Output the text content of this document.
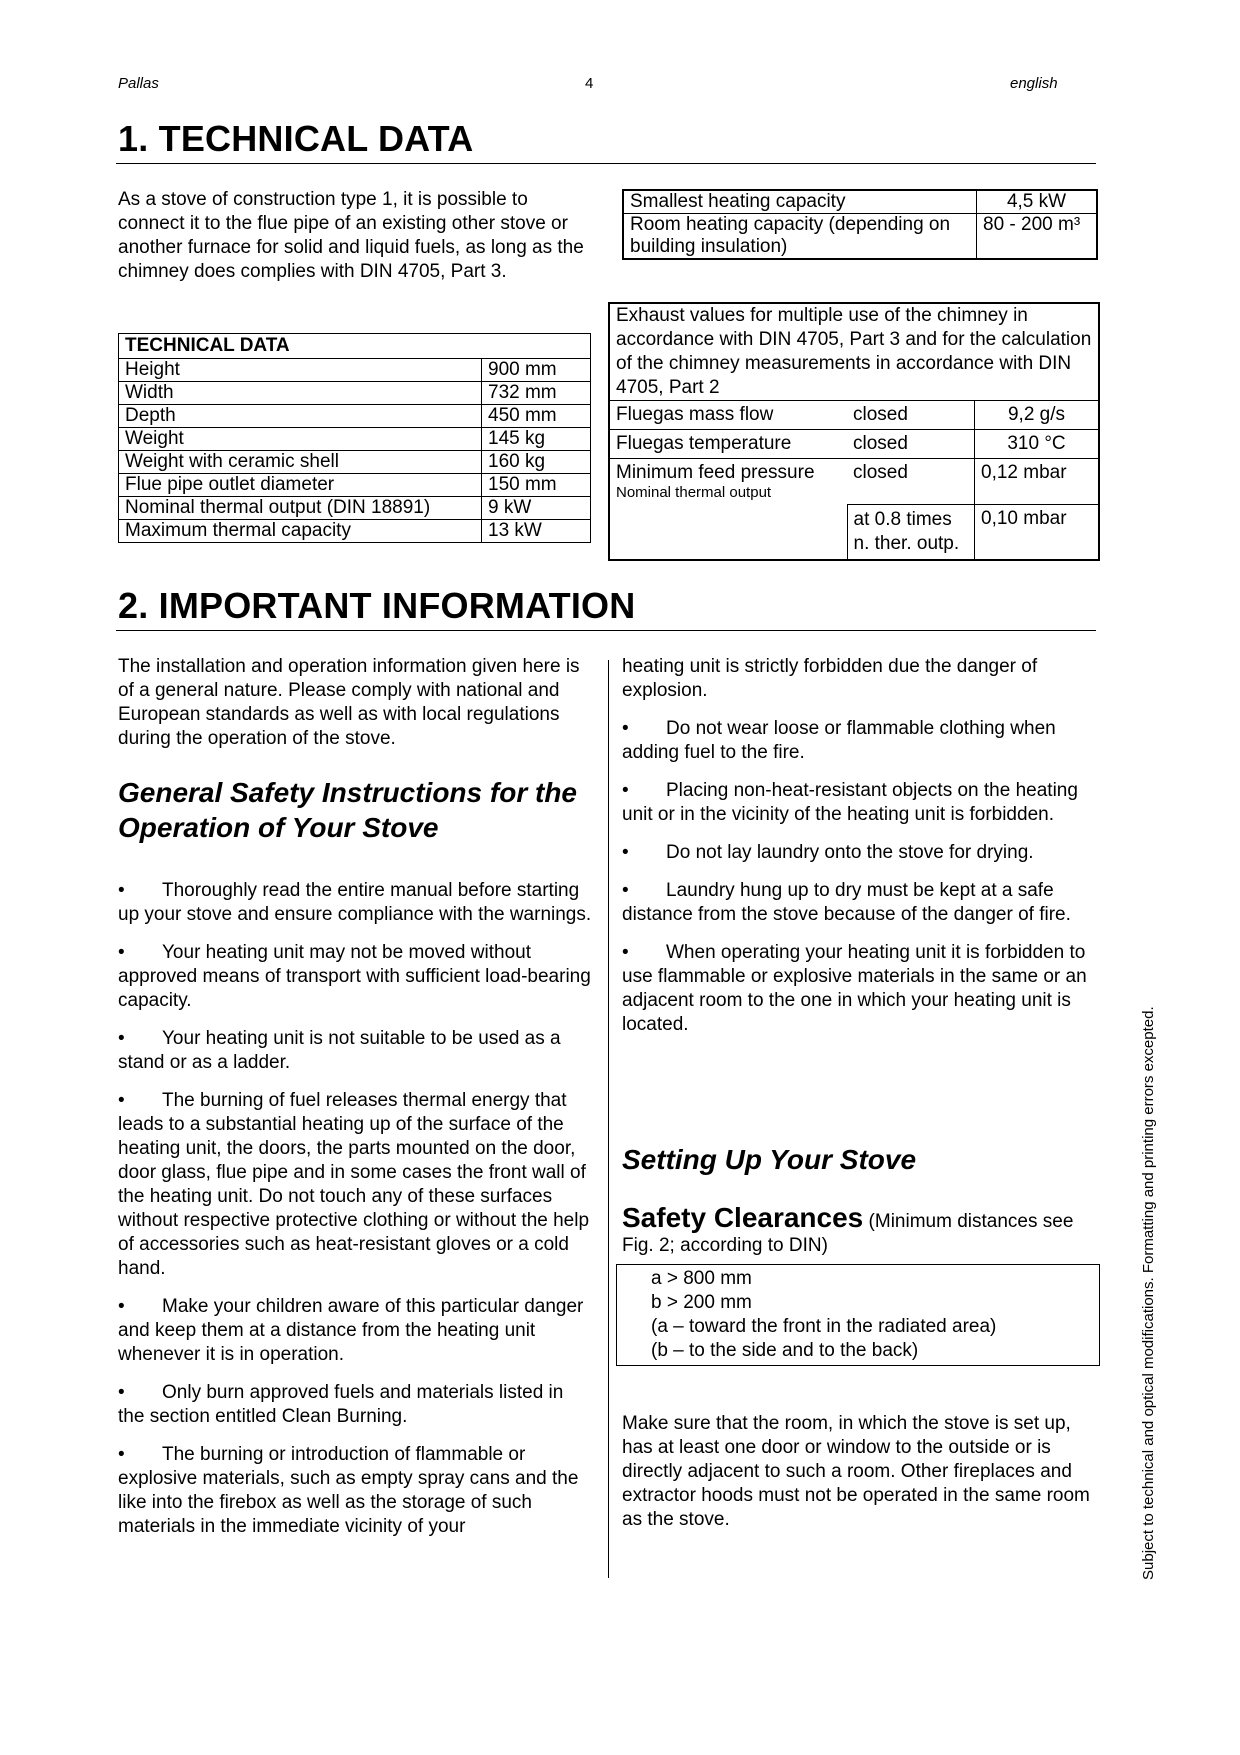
Pallas	4	english
1. TECHNICAL DATA

As a stove of construction type 1, it is possible to connect it to the flue pipe of an existing other stove or another furnace for solid and liquid fuels, as long as the chimney does complies with DIN 4705, Part 3.

TECHNICAL DATA	
Height	900 mm
Width	732 mm
Depth	450 mm
Weight	145 kg
Weight with ceramic shell	160 kg
Flue pipe outlet diameter	150 mm
Nominal thermal output (DIN 18891)	9 kW
Maximum thermal capacity	13 kW
Smallest heating capacity	4,5 kW
Room heating capacity (depending on building insulation)	80 - 200 m³
Exhaust values for multiple use of the chimney in accordance with DIN 4705, Part 3 and for the calculation of the chimney measurements in accordance with DIN 4705, Part 2		
Fluegas mass flow	closed	9,2 g/s
Fluegas temperature	closed	310 °C

Minimum feed pressure
Nominal thermal output	closed	0,12 mbar
	at 0.8 times n. ther. outp.	0,10 mbar
2. IMPORTANT INFORMATION

The installation and operation information given here is of a general nature. Please comply with national and European standards as well as with local regulations during the operation of the stove.

General Safety Instructions for the Operation of Your Stove

• Thoroughly read the entire manual before starting up your stove and ensure compliance with the warnings.

• Your heating unit may not be moved without approved means of transport with sufficient load-bearing capacity.

• Your heating unit is not suitable to be used as a stand or as a ladder.

• The burning of fuel releases thermal energy that leads to a substantial heating up of the surface of the heating unit, the doors, the parts mounted on the door, door glass, flue pipe and in some cases the front wall of the heating unit. Do not touch any of these surfaces without respective protective clothing or without the help of accessories such as heat-resistant gloves or a cold hand.

• Make your children aware of this particular danger and keep them at a distance from the heating unit whenever it is in operation.

• Only burn approved fuels and materials listed in the section entitled Clean Burning.

• The burning or introduction of flammable or explosive materials, such as empty spray cans and the like into the firebox as well as the storage of such materials in the immediate vicinity of your

heating unit is strictly forbidden due the danger of explosion.

• Do not wear loose or flammable clothing when adding fuel to the fire.

• Placing non-heat-resistant objects on the heating unit or in the vicinity of the heating unit is forbidden.

• Do not lay laundry onto the stove for drying.

• Laundry hung up to dry must be kept at a safe distance from the stove because of the danger of fire.

• When operating your heating unit it is forbidden to use flammable or explosive materials in the same or an adjacent room to the one in which your heating unit is located.

Setting Up Your Stove
Safety Clearances (Minimum distances see Fig. 2; according to DIN)
a > 800 mm
b > 200 mm
(a – toward the front in the radiated area)
(b – to the side and to the back)

Make sure that the room, in which the stove is set up, has at least one door or window to the outside or is directly adjacent to such a room. Other fireplaces and extractor hoods must not be operated in the same room as the stove.	Subject to technical and optical modifications. Formatting and printing errors excepted.
